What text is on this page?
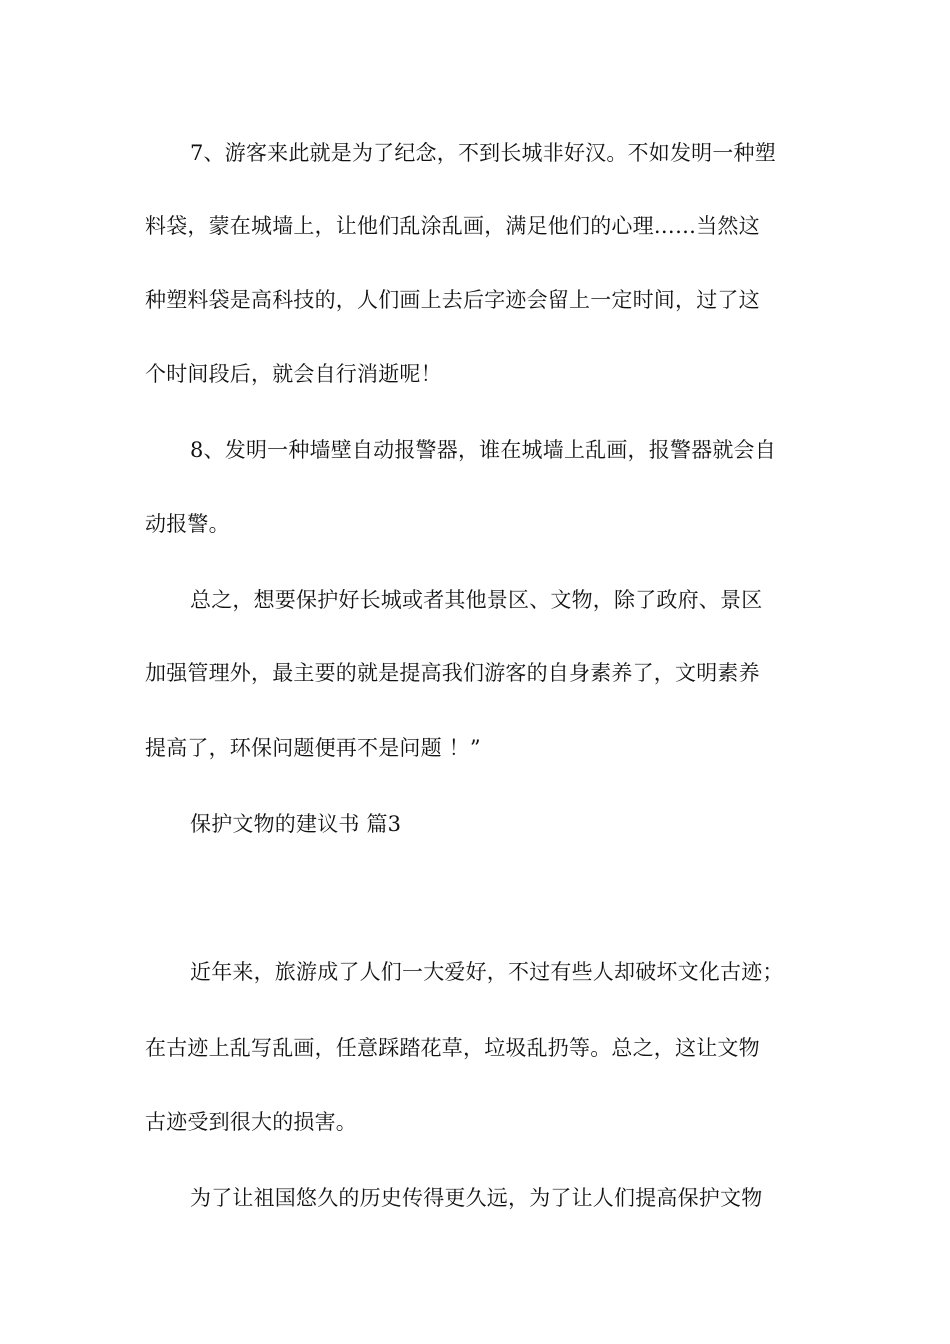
7、游客来此就是为了纪念，不到长城非好汉。不如发明一种塑
料袋，蒙在城墙上，让他们乱涂乱画，满足他们的心理……当然这
种塑料袋是高科技的，人们画上去后字迹会留上一定时间，过了这
个时间段后，就会自行消逝呢！
8、发明一种墙壁自动报警器，谁在城墙上乱画，报警器就会自
动报警。
总之，想要保护好长城或者其他景区、文物，除了政府、景区
加强管理外，最主要的就是提高我们游客的自身素养了，文明素养
提高了，环保问题便再不是问题 ！”
保护文物的建议书 篇3
近年来，旅游成了人们一大爱好，不过有些人却破坏文化古迹；
在古迹上乱写乱画，任意踩踏花草，垃圾乱扔等。总之，这让文物
古迹受到很大的损害。
为了让祖国悠久的历史传得更久远，为了让人们提高保护文物
